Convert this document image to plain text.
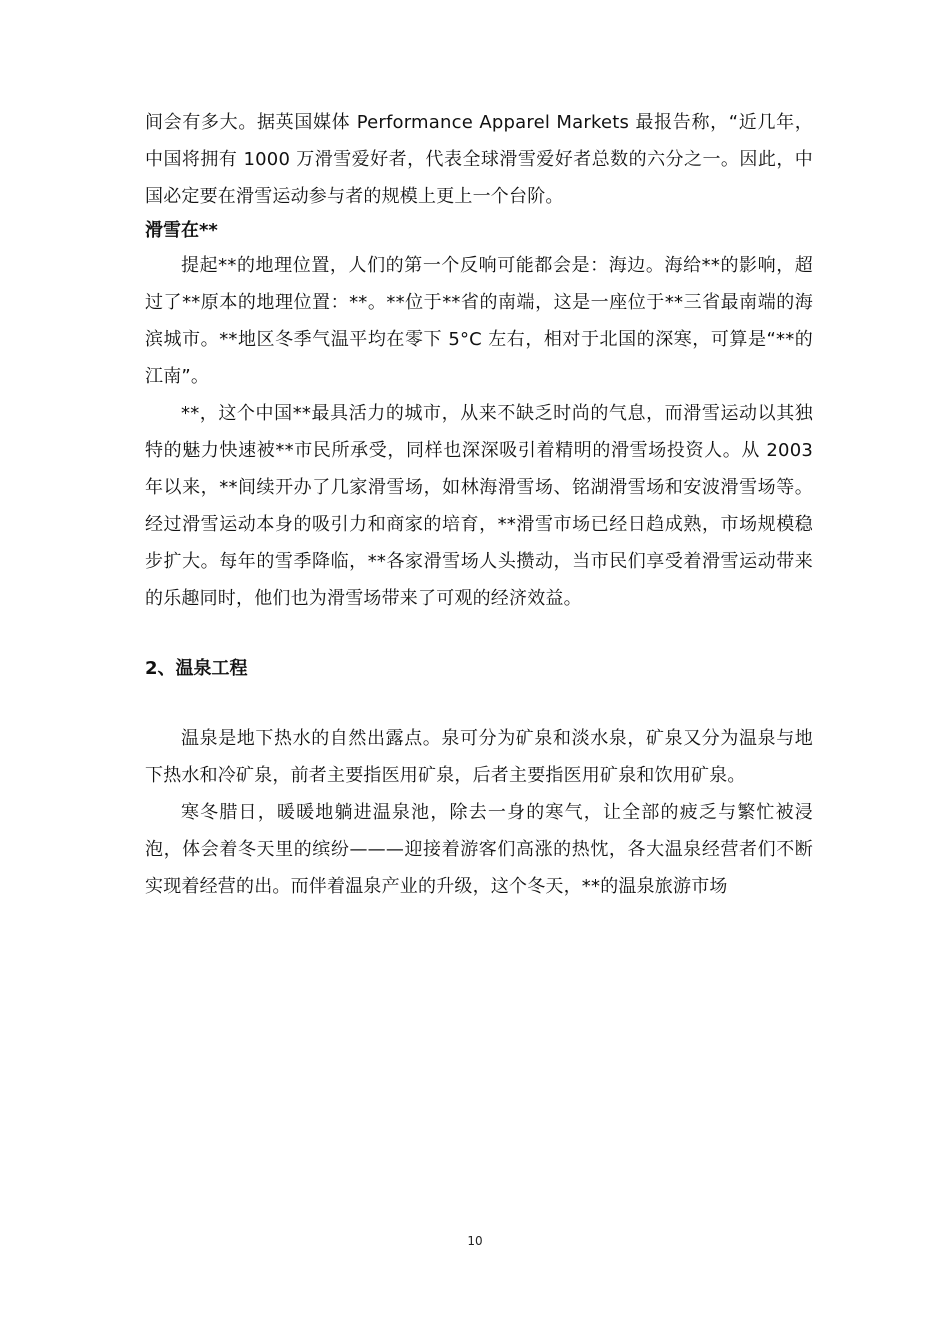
间会有多大。据英国媒体 Performance Apparel Markets 最报告称，“近几年，中国将拥有 1000 万滑雪爱好者，代表全球滑雪爱好者总数的六分之一。因此，中国必定要在滑雪运动参与者的规模上更上一个台阶。

滑雪在**

提起**的地理位置，人们的第一个反响可能都会是：海边。海给**的影响，超过了**原本的地理位置：**。**位于**省的南端，这是一座位于**三省最南端的海滨城市。**地区冬季气温平均在零下 5°C 左右，相对于北国的深寒，可算是“**的江南”。

**，这个中国**最具活力的城市，从来不缺乏时尚的气息，而滑雪运动以其独特的魅力快速被**市民所承受，同样也深深吸引着精明的滑雪场投资人。从 2003 年以来，**间续开办了几家滑雪场，如林海滑雪场、铭湖滑雪场和安波滑雪场等。经过滑雪运动本身的吸引力和商家的培育，**滑雪市场已经日趋成熟，市场规模稳步扩大。每年的雪季降临，**各家滑雪场人头攒动，当市民们享受着滑雪运动带来的乐趣同时，他们也为滑雪场带来了可观的经济效益。

2、温泉工程

温泉是地下热水的自然出露点。泉可分为矿泉和淡水泉，矿泉又分为温泉与地下热水和冷矿泉，前者主要指医用矿泉，后者主要指医用矿泉和饮用矿泉。

寒冬腊日，暖暖地躺进温泉池，除去一身的寒气，让全部的疲乏与繁忙被浸泡，体会着冬天里的缤纷———迎接着游客们高涨的热忱，各大温泉经营者们不断实现着经营的出。而伴着温泉产业的升级，这个冬天，**的温泉旅游市场

10
